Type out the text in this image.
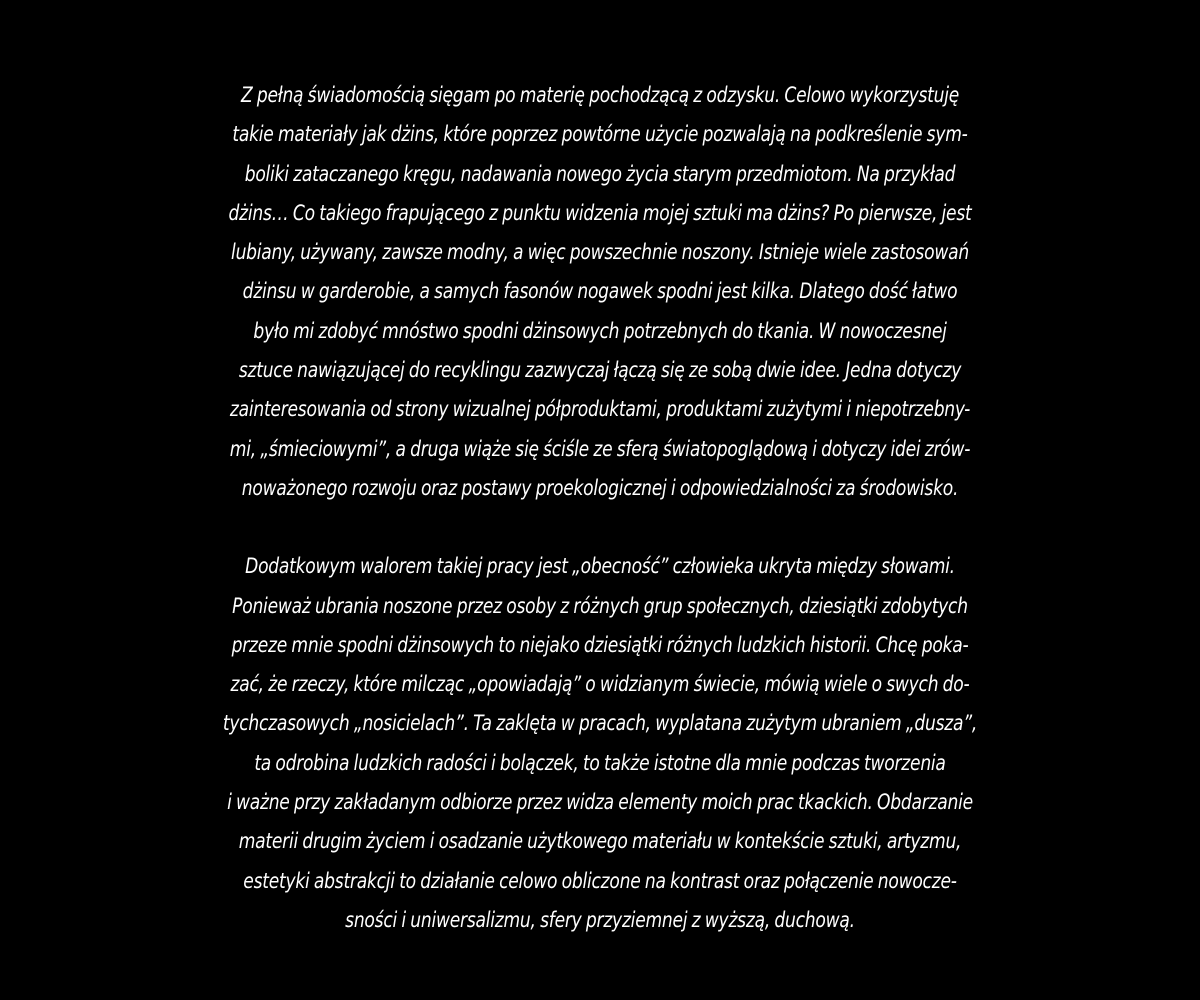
Z pełną świadomością sięgam po materię pochodzącą z odzysku. Celowo wykorzystuję
takie materiały jak dżins, które poprzez powtórne użycie pozwalają na podkreślenie sym-
boliki zataczanego kręgu, nadawania nowego życia starym przedmiotom. Na przykład
dżins… Co takiego frapującego z punktu widzenia mojej sztuki ma dżins? Po pierwsze, jest
lubiany, używany, zawsze modny, a więc powszechnie noszony. Istnieje wiele zastosowań
dżinsu w garderobie, a samych fasonów nogawek spodni jest kilka. Dlatego dość łatwo
było mi zdobyć mnóstwo spodni dżinsowych potrzebnych do tkania. W nowoczesnej
sztuce nawiązującej do recyklingu zazwyczaj łączą się ze sobą dwie idee. Jedna dotyczy
zainteresowania od strony wizualnej półproduktami, produktami zużytymi i niepotrzebny-
mi, „śmieciowymi”, a druga wiąże się ściśle ze sferą światopoglądową i dotyczy idei zrów-
noważonego rozwoju oraz postawy proekologicznej i odpowiedzialności za środowisko.

Dodatkowym walorem takiej pracy jest „obecność” człowieka ukryta między słowami.
Ponieważ ubrania noszone przez osoby z różnych grup społecznych, dziesiątki zdobytych
przeze mnie spodni dżinsowych to niejako dziesiątki różnych ludzkich historii. Chcę poka-
zać, że rzeczy, które milcząc „opowiadają” o widzianym świecie, mówią wiele o swych do-
tychczasowych „nosicielach”. Ta zaklęta w pracach, wyplatana zużytym ubraniem „dusza”,
ta odrobina ludzkich radości i bolączek, to także istotne dla mnie podczas tworzenia
i ważne przy zakładanym odbiorze przez widza elementy moich prac tkackich. Obdarzanie
materii drugim życiem i osadzanie użytkowego materiału w kontekście sztuki, artyzmu,
estetyki abstrakcji to działanie celowo obliczone na kontrast oraz połączenie nowocze-
sności i uniwersalizmu, sfery przyziemnej z wyższą, duchową.
